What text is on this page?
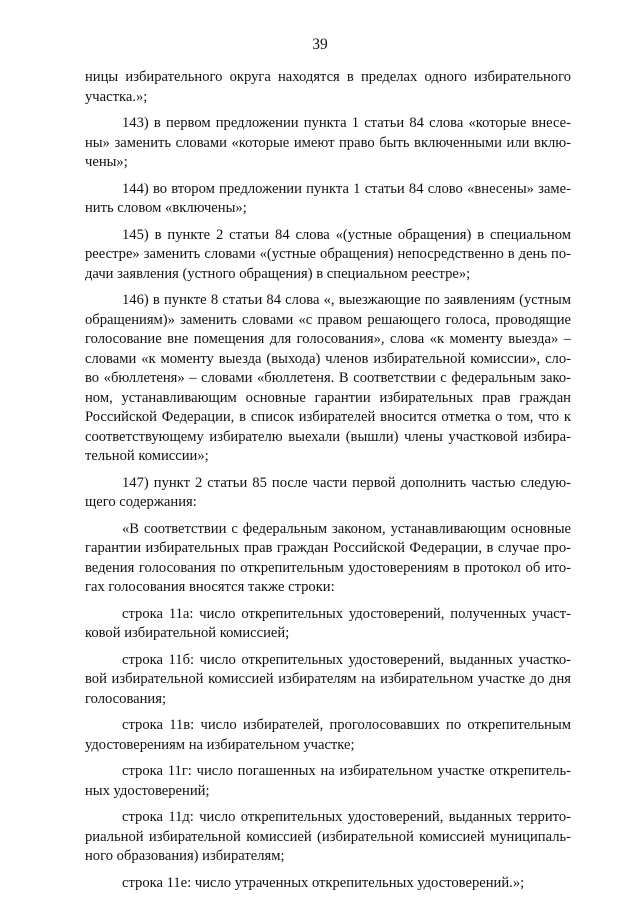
39
ницы избирательного округа находятся в пределах одного избирательного
участка.»;
143) в первом предложении пункта 1 статьи 84 слова «которые внесе-
ны» заменить словами «которые имеют право быть включенными или вклю-
чены»;
144) во втором предложении пункта 1 статьи 84 слово «внесены» заме-
нить словом «включены»;
145) в пункте 2 статьи 84 слова «(устные обращения) в специальном
реестре» заменить словами «(устные обращения) непосредственно в день по-
дачи заявления (устного обращения) в специальном реестре»;
146) в пункте 8 статьи 84 слова «, выезжающие по заявлениям (устным
обращениям)» заменить словами «с правом решающего голоса, проводящие
голосование вне помещения для голосования», слова «к моменту выезда» –
словами «к моменту выезда (выхода) членов избирательной комиссии», сло-
во «бюллетеня» – словами «бюллетеня. В соответствии с федеральным зако-
ном, устанавливающим основные гарантии избирательных прав граждан
Российской Федерации, в список избирателей вносится отметка о том, что к
соответствующему избирателю выехали (вышли) члены участковой избира-
тельной комиссии»;
147) пункт 2 статьи 85 после части первой дополнить частью следую-
щего содержания:
«В соответствии с федеральным законом, устанавливающим основные
гарантии избирательных прав граждан Российской Федерации, в случае про-
ведения голосования по открепительным удостоверениям в протокол об ито-
гах голосования вносятся также строки:
строка 11а: число открепительных удостоверений, полученных участ-
ковой избирательной комиссией;
строка 11б: число открепительных удостоверений, выданных участко-
вой избирательной комиссией избирателям на избирательном участке до дня
голосования;
строка 11в: число избирателей, проголосовавших по открепительным
удостоверениям на избирательном участке;
строка 11г: число погашенных на избирательном участке открепитель-
ных удостоверений;
строка 11д: число открепительных удостоверений, выданных террито-
риальной избирательной комиссией (избирательной комиссией муниципаль-
ного образования) избирателям;
строка 11е: число утраченных открепительных удостоверений.»;
